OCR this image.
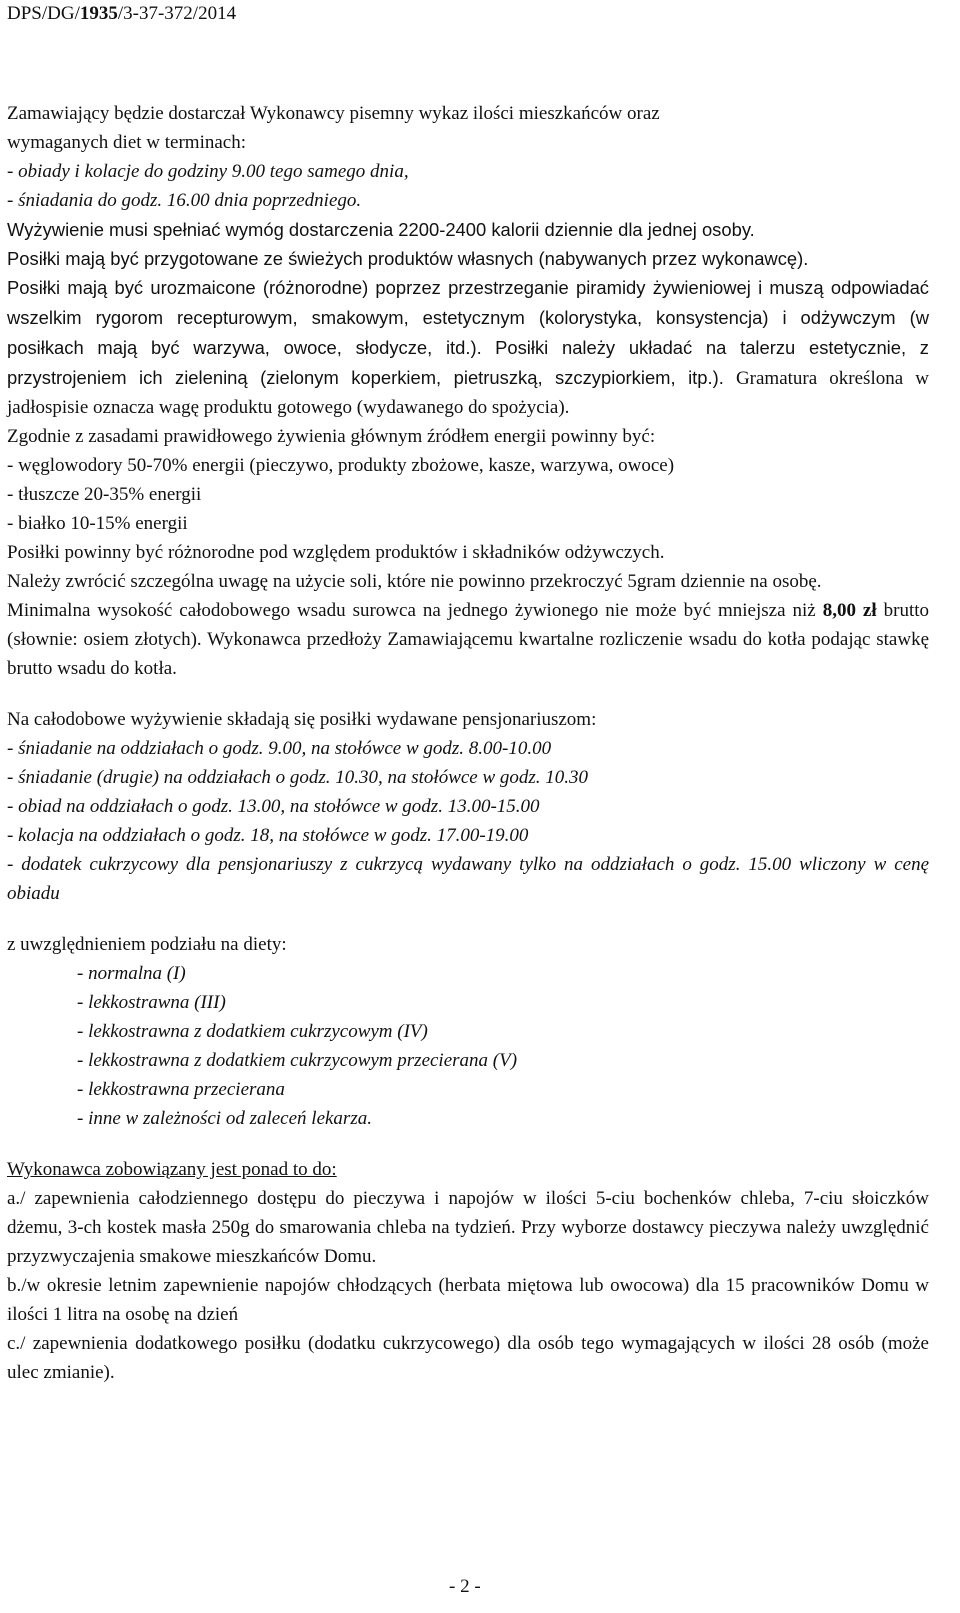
DPS/DG/1935/3-37-372/2014

Zamawiający będzie dostarczał Wykonawcy pisemny wykaz ilości mieszkańców oraz

wymaganych diet w terminach:

- obiady i kolacje do godziny 9.00 tego samego dnia,

- śniadania do godz. 16.00 dnia poprzedniego.

Wyżywienie musi spełniać wymóg dostarczenia 2200-2400 kalorii dziennie dla jednej osoby.

Posiłki mają być przygotowane ze świeżych produktów własnych (nabywanych przez wykonawcę).

Posiłki mają być urozmaicone (różnorodne) poprzez przestrzeganie piramidy żywieniowej i muszą odpowiadać wszelkim rygorom recepturowym, smakowym, estetycznym (kolorystyka, konsystencja) i odżywczym (w posiłkach mają być warzywa, owoce, słodycze, itd.). Posiłki należy układać na talerzu estetycznie, z przystrojeniem ich zieleniną (zielonym koperkiem, pietruszką, szczypiorkiem, itp.). Gramatura określona w jadłospisie oznacza wagę produktu gotowego (wydawanego do spożycia).

Zgodnie z zasadami prawidłowego żywienia głównym źródłem energii powinny być:

- węglowodory 50-70% energii (pieczywo, produkty zbożowe, kasze, warzywa, owoce)

- tłuszcze 20-35% energii

- białko 10-15% energii

Posiłki powinny być różnorodne pod względem produktów i składników odżywczych.

Należy zwrócić szczególna uwagę na użycie soli, które nie powinno przekroczyć 5gram dziennie na osobę.

Minimalna wysokość całodobowego wsadu surowca na jednego żywionego nie może być mniejsza niż 8,00 zł brutto (słownie: osiem złotych). Wykonawca przedłoży Zamawiającemu kwartalne rozliczenie wsadu do kotła podając stawkę brutto wsadu do kotła.

Na całodobowe wyżywienie składają się posiłki wydawane pensjonariuszom:

- śniadanie na oddziałach o godz. 9.00, na stołówce w godz. 8.00-10.00

- śniadanie (drugie) na oddziałach o godz. 10.30, na stołówce w godz. 10.30

- obiad na oddziałach o godz. 13.00, na stołówce w godz. 13.00-15.00

- kolacja na oddziałach o godz. 18, na stołówce w godz. 17.00-19.00

- dodatek cukrzycowy dla pensjonariuszy z cukrzycą wydawany tylko na oddziałach o godz. 15.00 wliczony w cenę obiadu

z uwzględnieniem podziału na diety:

- normalna (I)

- lekkostrawna (III)

- lekkostrawna z dodatkiem cukrzycowym (IV)

- lekkostrawna z dodatkiem cukrzycowym przecierana (V)

- lekkostrawna przecierana

- inne w zależności od zaleceń lekarza.

Wykonawca zobowiązany jest ponad to do:

a./ zapewnienia całodziennego dostępu do pieczywa i napojów w ilości 5-ciu bochenków chleba, 7-ciu słoiczków dżemu, 3-ch kostek masła 250g do smarowania chleba na tydzień. Przy wyborze dostawcy pieczywa należy uwzględnić przyzwyczajenia smakowe mieszkańców Domu.

b./w okresie letnim zapewnienie napojów chłodzących (herbata miętowa lub owocowa) dla 15 pracowników Domu w ilości 1 litra na osobę na dzień

c./ zapewnienia dodatkowego posiłku (dodatku cukrzycowego) dla osób tego wymagających w ilości 28 osób (może ulec zmianie).

- 2 -
